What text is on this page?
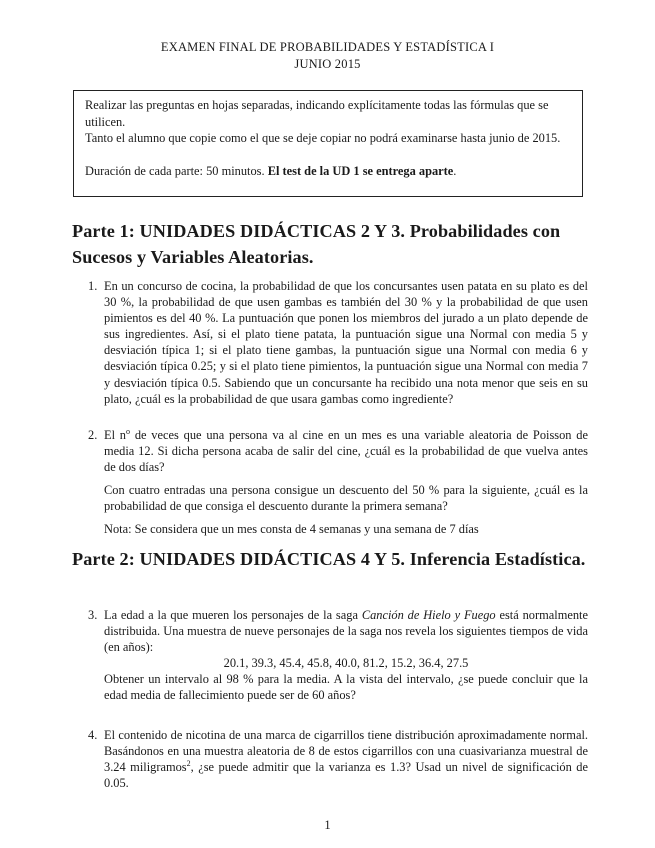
EXAMEN FINAL DE PROBABILIDADES Y ESTADÍSTICA I
JUNIO 2015

Realizar las preguntas en hojas separadas, indicando explícitamente todas las fórmulas que se utilicen.

Tanto el alumno que copie como el que se deje copiar no podrá examinarse hasta junio de 2015.

Duración de cada parte: 50 minutos. El test de la UD 1 se entrega aparte.

Parte 1: UNIDADES DIDÁCTICAS 2 Y 3. Probabilidades con Sucesos y Variables Aleatorias.
1. En un concurso de cocina, la probabilidad de que los concursantes usen patata en su plato es del 30 %, la probabilidad de que usen gambas es también del 30 % y la probabilidad de que usen pimientos es del 40 %. La puntuación que ponen los miembros del jurado a un plato depende de sus ingredientes. Así, si el plato tiene patata, la puntuación sigue una Normal con media 5 y desviación típica 1; si el plato tiene gambas, la puntuación sigue una Normal con media 6 y desviación típica 0.25; y si el plato tiene pimientos, la puntuación sigue una Normal con media 7 y desviación típica 0.5. Sabiendo que un concursante ha recibido una nota menor que seis en su plato, ¿cuál es la probabilidad de que usara gambas como ingrediente?

2. El $n^o$ de veces que una persona va al cine en un mes es una variable aleatoria de Poisson de media 12. Si dicha persona acaba de salir del cine, ¿cuál es la probabilidad de que vuelva antes de dos días?

Con cuatro entradas una persona consigue un descuento del 50 % para la siguiente, ¿cuál es la probabilidad de que consiga el descuento durante la primera semana?

Nota: Se considera que un mes consta de 4 semanas y una semana de 7 días

Parte 2: UNIDADES DIDÁCTICAS 4 Y 5. Inferencia Estadística.
3. La edad a la que mueren los personajes de la saga Canción de Hielo y Fuego está normalmente distribuida. Una muestra de nueve personajes de la saga nos revela los siguientes tiempos de vida (en años):

20.1, 39.3, 45.4, 45.8, 40.0, 81.2, 15.2, 36.4, 27.5

Obtener un intervalo al 98 % para la media. A la vista del intervalo, ¿se puede concluir que la edad media de fallecimiento puede ser de 60 años?

4. El contenido de nicotina de una marca de cigarrillos tiene distribución aproximadamente normal. Basándonos en una muestra aleatoria de 8 de estos cigarrillos con una cuasivarianza muestral de 3.24 miligramos$^2$, ¿se puede admitir que la varianza es 1.3? Usad un nivel de significación de 0.05.

1
